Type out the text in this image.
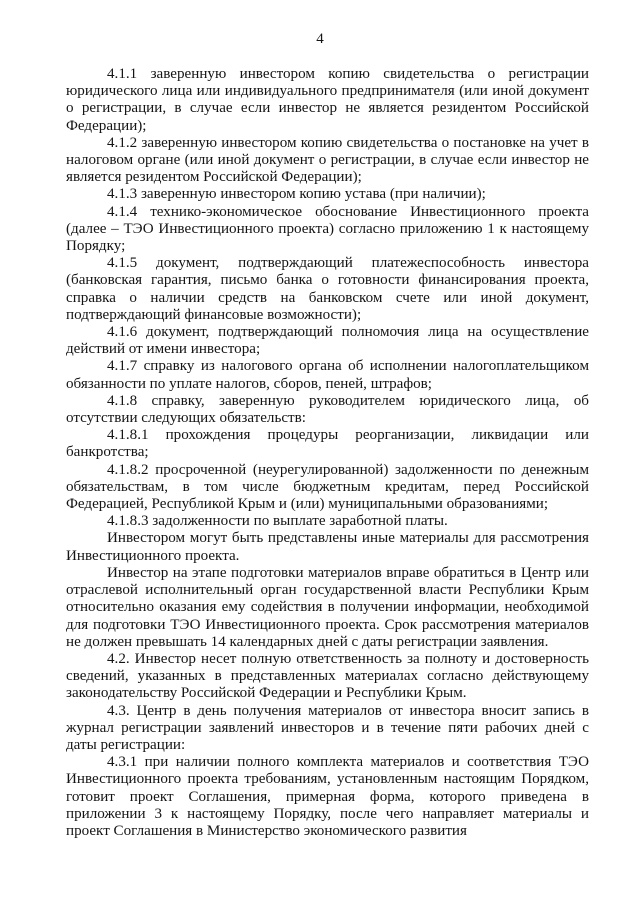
4

4.1.1 заверенную инвестором копию свидетельства о регистрации юридического лица или индивидуального предпринимателя (или иной документ о регистрации, в случае если инвестор не является резидентом Российской Федерации);

4.1.2 заверенную инвестором копию свидетельства о постановке на учет в налоговом органе (или иной документ о регистрации, в случае если инвестор не является резидентом Российской Федерации);

4.1.3 заверенную инвестором копию устава (при наличии);

4.1.4 технико-экономическое обоснование Инвестиционного проекта (далее – ТЭО Инвестиционного проекта) согласно приложению 1 к настоящему Порядку;

4.1.5 документ, подтверждающий платежеспособность инвестора (банковская гарантия, письмо банка о готовности финансирования проекта, справка о наличии средств на банковском счете или иной документ, подтверждающий финансовые возможности);

4.1.6 документ, подтверждающий полномочия лица на осуществление действий от имени инвестора;

4.1.7 справку из налогового органа об исполнении налогоплательщиком обязанности по уплате налогов, сборов, пеней, штрафов;

4.1.8 справку, заверенную руководителем юридического лица, об отсутствии следующих обязательств:

4.1.8.1 прохождения процедуры реорганизации, ликвидации или банкротства;

4.1.8.2 просроченной (неурегулированной) задолженности по денежным обязательствам, в том числе бюджетным кредитам, перед Российской Федерацией, Республикой Крым и (или) муниципальными образованиями;

4.1.8.3 задолженности по выплате заработной платы.

Инвестором могут быть представлены иные материалы для рассмотрения Инвестиционного проекта.

Инвестор на этапе подготовки материалов вправе обратиться в Центр или отраслевой исполнительный орган государственной власти Республики Крым относительно оказания ему содействия в получении информации, необходимой для подготовки ТЭО Инвестиционного проекта. Срок рассмотрения материалов не должен превышать 14 календарных дней с даты регистрации заявления.

4.2. Инвестор несет полную ответственность за полноту и достоверность сведений, указанных в представленных материалах согласно действующему законодательству Российской Федерации и Республики Крым.

4.3. Центр в день получения материалов от инвестора вносит запись в журнал регистрации заявлений инвесторов и в течение пяти рабочих дней с даты регистрации:

4.3.1 при наличии полного комплекта материалов и соответствия ТЭО Инвестиционного проекта требованиям, установленным настоящим Порядком, готовит проект Соглашения, примерная форма, которого приведена в приложении 3 к настоящему Порядку, после чего направляет материалы и проект Соглашения в Министерство экономического развития
